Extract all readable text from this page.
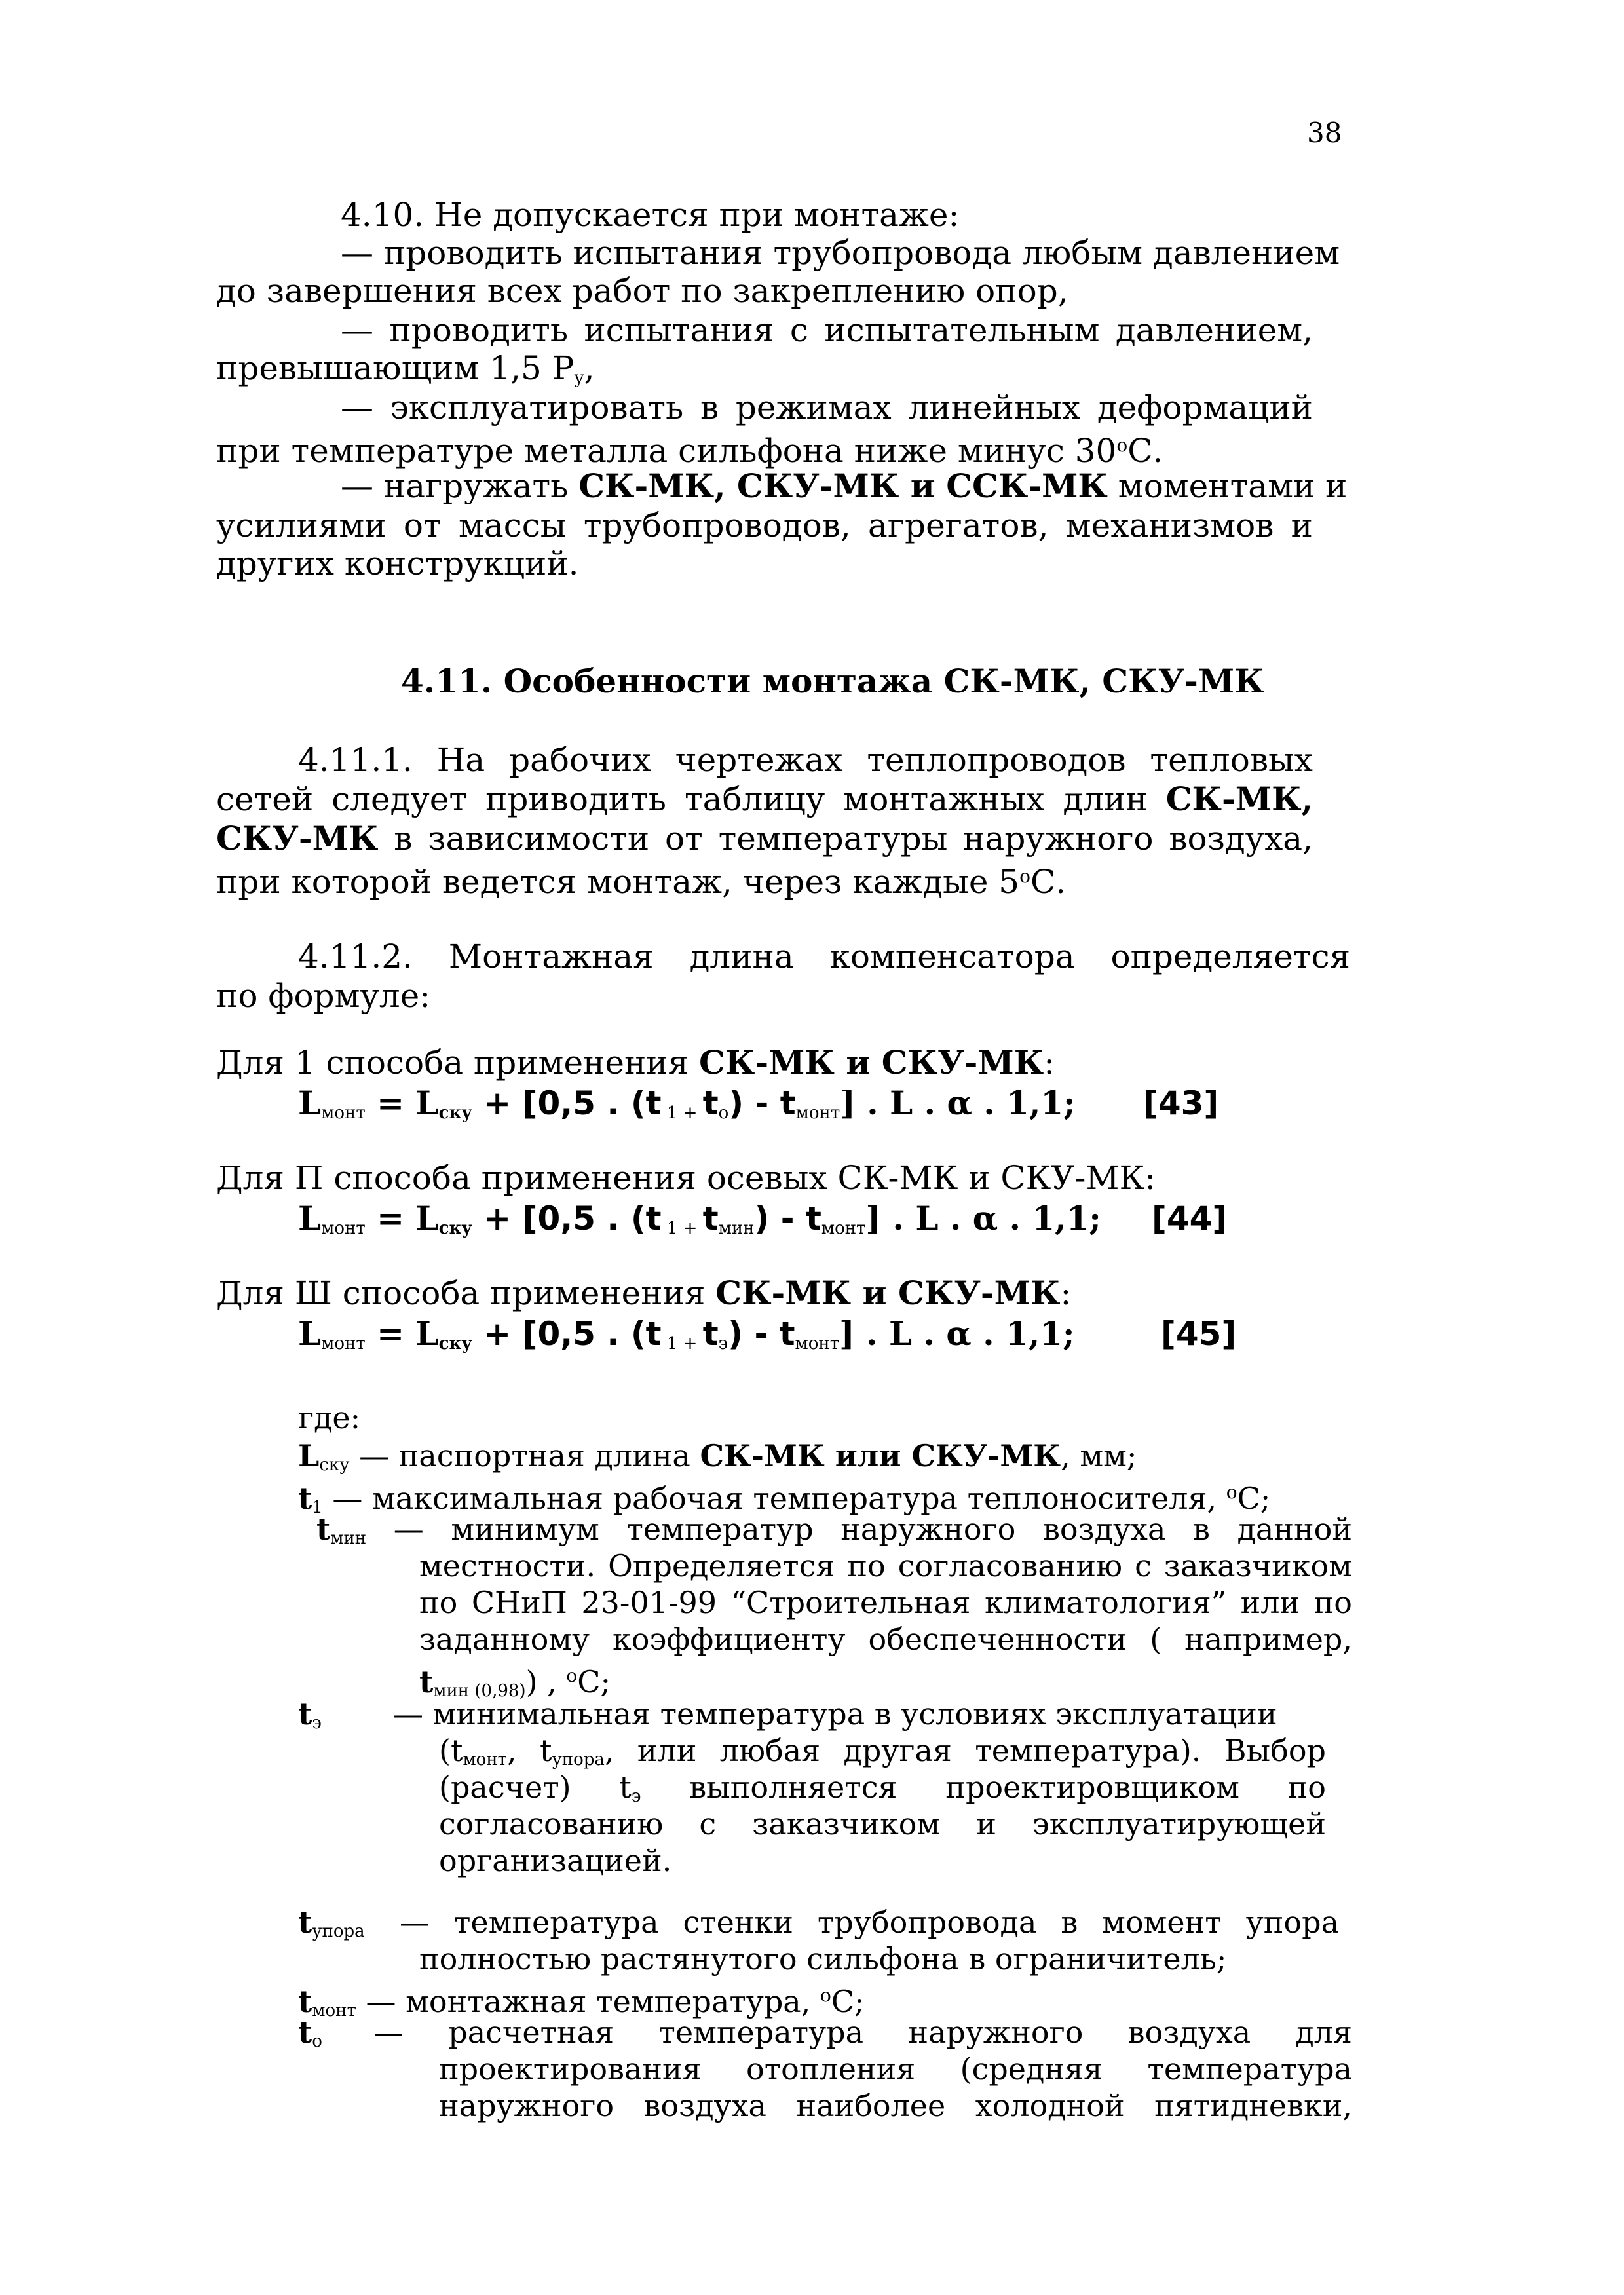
38
4.10. Не допускается при монтаже:
— проводить испытания трубопровода любым давлением
до завершения всех работ по закреплению опор,
— проводить испытания с испытательным давлением,
превышающим 1,5 $Р_у$,
— эксплуатировать в режимах линейных деформаций
при температуре металла сильфона ниже минус $30^оС$.
— нагружать СК-МК, СКУ-МК и ССК-МК моментами и
усилиями от массы трубопроводов, агрегатов, механизмов и
других конструкций.
4.11. Особенности монтажа СК-МК, СКУ-МК
4.11.1. На рабочих чертежах теплопроводов тепловых
сетей следует приводить таблицу монтажных длин СК-МК,
СКУ-МК в зависимости от температуры наружного воздуха,
при которой ведется монтаж, через каждые $5^оС$.
4.11.2. Монтажная длина компенсатора определяется
по формуле:
Для 1 способа применения СК-МК и СКУ-МК:
$L_{монт}$ = Lску + [0,5 . (t $_{1 +}$ $t_о) - t_{монт}$] . L . α . 1,1; [43]
Для П способа применения осевых СК-МК и СКУ-МК:
$L_{монт}$ = Lску + [0,5 . (t $_{1 +}$ $t_{мин}) - t_{монт}$] . L . α . 1,1; [44]
Для Ш способа применения СК-МК и СКУ-МК:
$L_{монт}$ = Lску + [0,5 . (t $_{1 +}$ $t_э) - t_{монт}$] . L . α . 1,1;	[45]
где:
$L_{ску}$ — паспортная длина СК-МК или СКУ-МК, мм;
$t_1$ — максимальная рабочая температура теплоносителя, $^о$С;
$t_{мин}$ — минимум температур наружного воздуха в данной
местности. Определяется по согласованию с заказчиком
по СНиП 23-01-99 “Строительная климатология” или по
заданному коэффициенту обеспеченности ( например,
$t_{мин (0,98)}$) , $^о$С;
$t_э$ — минимальная температура в условиях эксплуатации
($t_{монт}$, $t_{упора}$, или любая другая температура). Выбор
(расчет) $t_э$ выполняется проектировщиком по
согласованию с заказчиком и эксплуатирующей
организацией.
$t_{упора}$ — температура стенки трубопровода в момент упора
полностью растянутого сильфона в ограничитель;
$t_{монт}$ — монтажная температура, $^о$С;
$t_о$ — расчетная температура наружного воздуха для
проектирования отопления (средняя температура
наружного воздуха наиболее холодной пятидневки,
